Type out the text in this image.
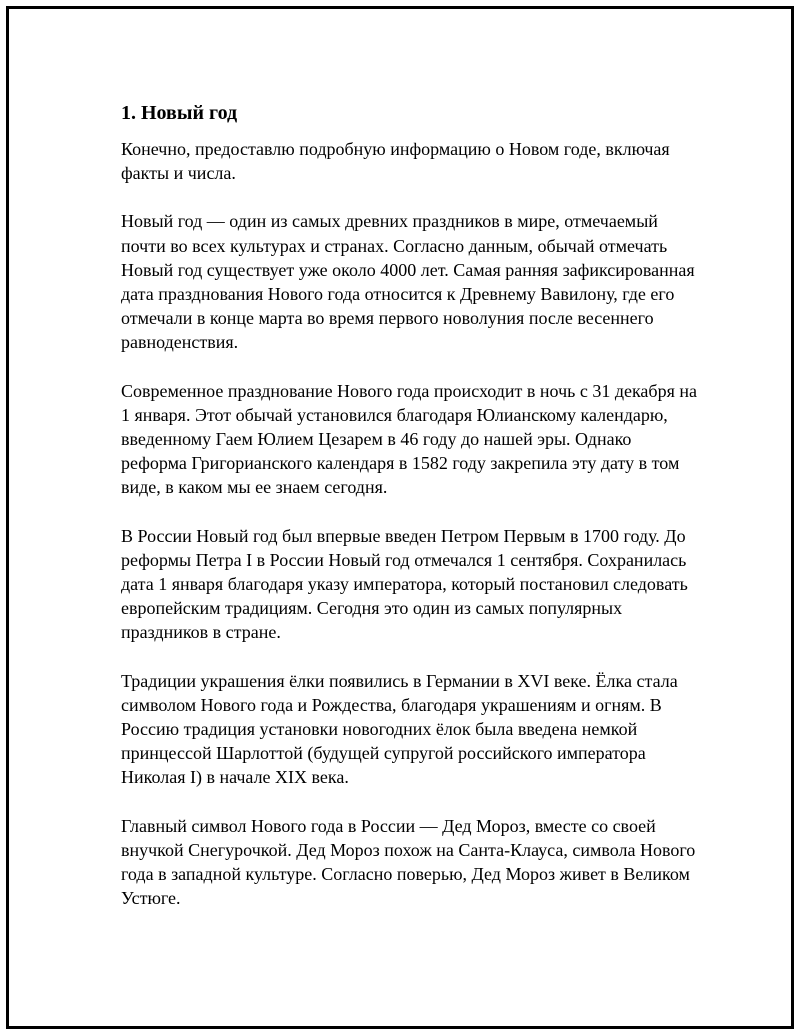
1. Новый год

Конечно, предоставлю подробную информацию о Новом годе, включая факты и числа.

Новый год — один из самых древних праздников в мире, отмечаемый почти во всех культурах и странах. Согласно данным, обычай отмечать Новый год существует уже около 4000 лет. Самая ранняя зафиксированная дата празднования Нового года относится к Древнему Вавилону, где его отмечали в конце марта во время первого новолуния после весеннего равноденствия.

Современное празднование Нового года происходит в ночь с 31 декабря на 1 января. Этот обычай установился благодаря Юлианскому календарю, введенному Гаем Юлием Цезарем в 46 году до нашей эры. Однако реформа Григорианского календаря в 1582 году закрепила эту дату в том виде, в каком мы ее знаем сегодня.

В России Новый год был впервые введен Петром Первым в 1700 году. До реформы Петра I в России Новый год отмечался 1 сентября. Сохранилась дата 1 января благодаря указу императора, который постановил следовать европейским традициям. Сегодня это один из самых популярных праздников в стране.

Традиции украшения ёлки появились в Германии в XVI веке. Ёлка стала символом Нового года и Рождества, благодаря украшениям и огням. В Россию традиция установки новогодних ёлок была введена немкой принцессой Шарлоттой (будущей супругой российского императора Николая I) в начале XIX века.

Главный символ Нового года в России — Дед Мороз, вместе со своей внучкой Снегурочкой. Дед Мороз похож на Санта-Клауса, символа Нового года в западной культуре. Согласно поверью, Дед Мороз живет в Великом Устюге.
